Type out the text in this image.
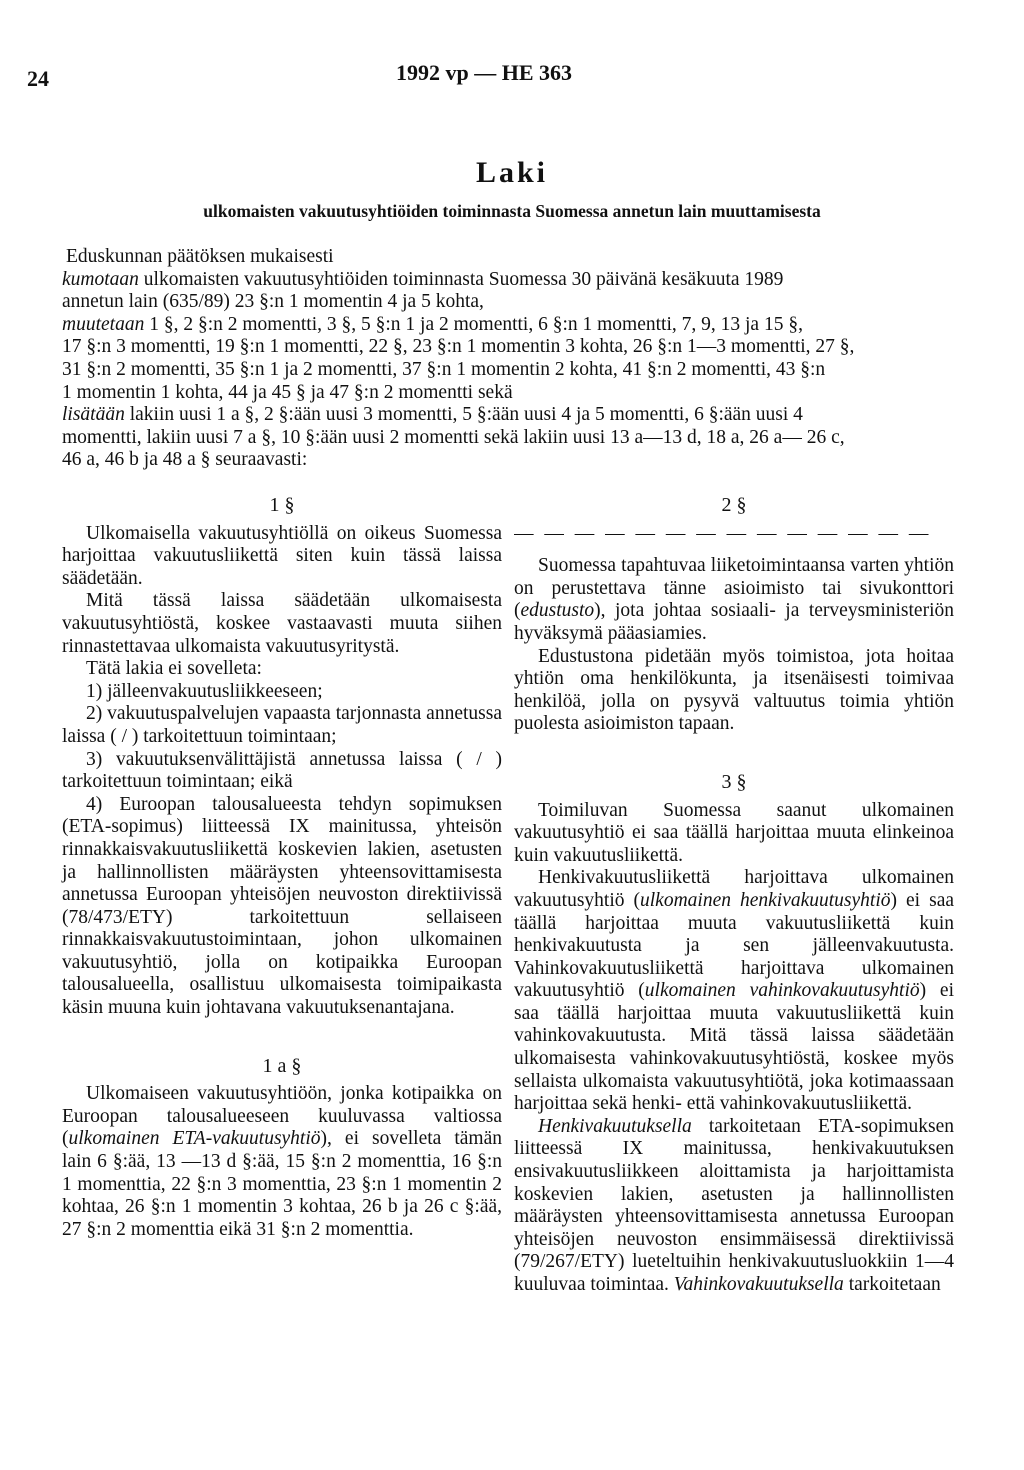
24	1992 vp — HE 363
Laki
ulkomaisten vakuutusyhtiöiden toiminnasta Suomessa annetun lain muuttamisesta

Eduskunnan päätöksen mukaisesti

kumotaan ulkomaisten vakuutusyhtiöiden toiminnasta Suomessa 30 päivänä kesäkuuta 1989

annetun lain (635/89) 23 §:n 1 momentin 4 ja 5 kohta,

muutetaan 1 §, 2 §:n 2 momentti, 3 §, 5 §:n 1 ja 2 momentti, 6 §:n 1 momentti, 7, 9, 13 ja 15 §,

17 §:n 3 momentti, 19 §:n 1 momentti, 22 §, 23 §:n 1 momentin 3 kohta, 26 §:n 1—3 momentti, 27 §,

31 §:n 2 momentti, 35 §:n 1 ja 2 momentti, 37 §:n 1 momentin 2 kohta, 41 §:n 2 momentti, 43 §:n

1 momentin 1 kohta, 44 ja 45 § ja 47 §:n 2 momentti sekä

lisätään lakiin uusi 1 a §, 2 §:ään uusi 3 momentti, 5 §:ään uusi 4 ja 5 momentti, 6 §:ään uusi 4

momentti, lakiin uusi 7 a §, 10 §:ään uusi 2 momentti sekä lakiin uusi 13 a—13 d, 18 a, 26 a— 26 c,

46 a, 46 b ja 48 a § seuraavasti:

1 §

Ulkomaisella vakuutusyhtiöllä on oikeus Suomessa harjoittaa vakuutusliikettä siten kuin tässä laissa säädetään.

Mitä tässä laissa säädetään ulkomaisesta vakuutusyhtiöstä, koskee vastaavasti muuta siihen rinnastettavaa ulkomaista vakuutusyritystä.

Tätä lakia ei sovelleta:

1) jälleenvakuutusliikkeeseen;

2) vakuutuspalvelujen vapaasta tarjonnasta annetussa laissa ( / ) tarkoitettuun toimintaan;

3) vakuutuksenvälittäjistä annetussa laissa ( / ) tarkoitettuun toimintaan; eikä

4) Euroopan talousalueesta tehdyn sopimuksen (ETA-sopimus) liitteessä IX mainitussa, yhteisön rinnakkaisvakuutusliikettä koskevien lakien, asetusten ja hallinnollisten määräysten yhteensovittamisesta annetussa Euroopan yhteisöjen neuvoston direktiivissä (78/473/ETY) tarkoitettuun sellaiseen rinnakkaisvakuutustoimintaan, johon ulkomainen vakuutusyhtiö, jolla on kotipaikka Euroopan talousalueella, osallistuu ulkomaisesta toimipaikasta käsin muuna kuin johtavana vakuutuksenantajana.

1 a §

Ulkomaiseen vakuutusyhtiöön, jonka kotipaikka on Euroopan talousalueeseen kuuluvassa valtiossa (ulkomainen ETA-vakuutusyhtiö), ei sovelleta tämän lain 6 §:ää, 13 —13 d §:ää, 15 §:n 2 momenttia, 16 §:n 1 momenttia, 22 §:n 3 momenttia, 23 §:n 1 momentin 2 kohtaa, 26 §:n 1 momentin 3 kohtaa, 26 b ja 26 c §:ää, 27 §:n 2 momenttia eikä 31 §:n 2 momenttia.

2 §
— — — — — — — — — — — — — —

Suomessa tapahtuvaa liiketoimintaansa varten yhtiön on perustettava tänne asioimisto tai sivukonttori (edustusto), jota johtaa sosiaali- ja terveysministeriön hyväksymä pääasiamies.

Edustustona pidetään myös toimistoa, jota hoitaa yhtiön oma henkilökunta, ja itsenäisesti toimivaa henkilöä, jolla on pysyvä valtuutus toimia yhtiön puolesta asioimiston tapaan.

3 §

Toimiluvan Suomessa saanut ulkomainen vakuutusyhtiö ei saa täällä harjoittaa muuta elinkeinoa kuin vakuutusliikettä.

Henkivakuutusliikettä harjoittava ulkomainen vakuutusyhtiö (ulkomainen henkivakuutusyhtiö) ei saa täällä harjoittaa muuta vakuutusliikettä kuin henkivakuutusta ja sen jälleenvakuutusta. Vahinkovakuutusliikettä harjoittava ulkomainen vakuutusyhtiö (ulkomainen vahinkovakuutusyhtiö) ei saa täällä harjoittaa muuta vakuutusliikettä kuin vahinkovakuutusta. Mitä tässä laissa säädetään ulkomaisesta vahinkovakuutusyhtiöstä, koskee myös sellaista ulkomaista vakuutusyhtiötä, joka kotimaassaan harjoittaa sekä henki- että vahinkovakuutusliikettä.

Henkivakuutuksella tarkoitetaan ETA-sopimuksen liitteessä IX mainitussa, henkivakuutuksen ensivakuutusliikkeen aloittamista ja harjoittamista koskevien lakien, asetusten ja hallinnollisten määräysten yhteensovittamisesta annetussa Euroopan yhteisöjen neuvoston ensimmäisessä direktiivissä (79/267/ETY) lueteltuihin henkivakuutusluokkiin 1—4 kuuluvaa toimintaa. Vahinkovakuutuksella tarkoitetaan
